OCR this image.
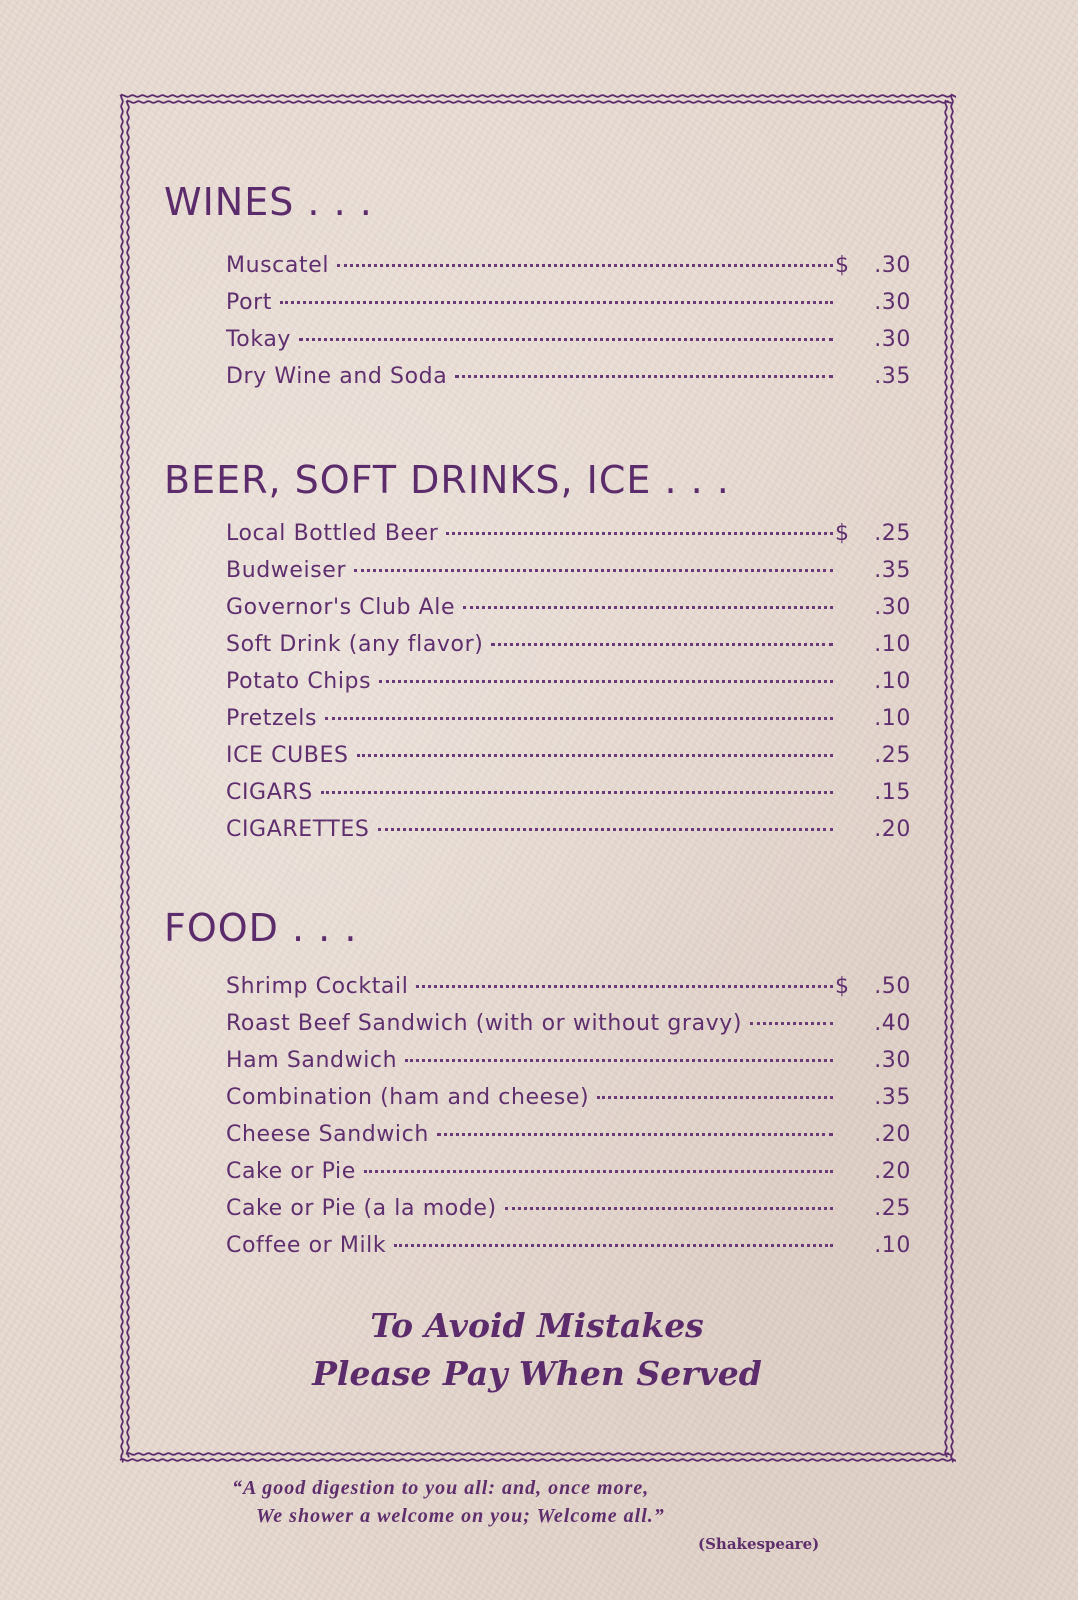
WINES . . .
Muscatel	$	.30
Port	.30
Tokay	.30
Dry Wine and Soda	.35
BEER, SOFT DRINKS, ICE . . .
Local Bottled Beer	$	.25
Budweiser	.35
Governor's Club Ale	.30
Soft Drink (any flavor)	.10
Potato Chips	.10
Pretzels	.10
ICE CUBES	.25
CIGARS	.15
CIGARETTES	.20
FOOD . . .
Shrimp Cocktail	$	.50
Roast Beef Sandwich (with or without gravy)	.40
Ham Sandwich	.30
Combination (ham and cheese)	.35
Cheese Sandwich	.20
Cake or Pie	.20
Cake or Pie (a la mode)	.25
Coffee or Milk	.10
To Avoid Mistakes
Please Pay When Served
“A good digestion to you all: and, once more,
We shower a welcome on you; Welcome all.”
(Shakespeare)
